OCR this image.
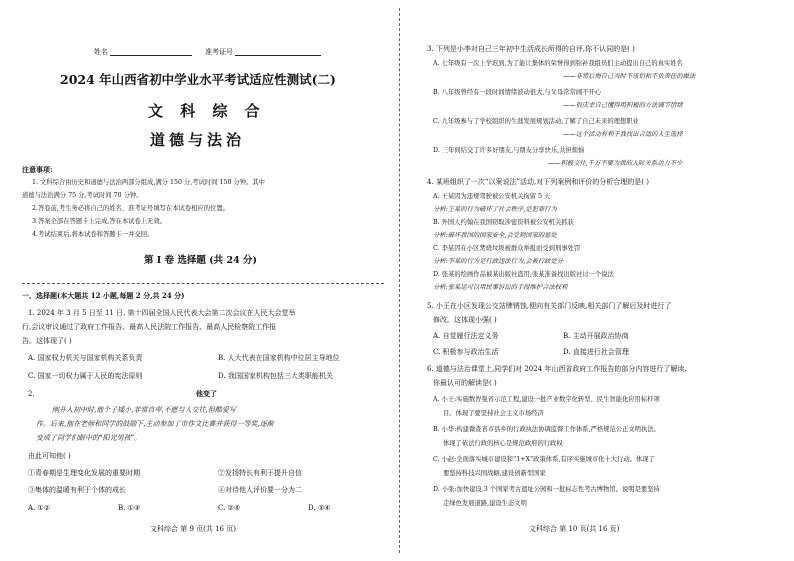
姓名	准考证号
2024 年山西省初中学业水平考试适应性测试(二)
文 科 综 合
道德与法治
注意事项:
1. 文科综合由历史和道德与法治两部分组成,满分 150 分,考试时间 150 分钟。其中
道德与法治满分 75 分,考试时间 70 分钟。
2.答卷前,考生务必将自己的姓名、准考证号填写在本试卷相应的位置。
3.答案全部在答题卡上完成,答在本试卷上无效。
4.考试结束后,将本试卷和答题卡一并交回。
第 I 卷 选择题 (共 24 分)
一、选择题(本大题共 12 小题,每题 2 分,共 24 分)
1. 2024 年 3 月 5 日至 11 日, 第十四届全国人民代表大会第二次会议在人民大会堂举
行,会议审议通过了政府工作报告、最高人民法院工作报告、最高人民检察院工作报
告。这体现了( )
A. 国家权力机关与国家机构关系负责	B. 人大代表在国家机构中位居主导地位
C. 国家一切权力属于人民的宪法原则	D. 我国国家机构包括三大类职能机关
2.	他变了
刚升入初中时,他个子矮小,非常自卑,不愿与人交往,但酷爱写
作。后来,他在老师和同学的鼓励下,主动参加了市作文比赛并获得一等奖,逐渐
变成了同学们眼中的“阳光男孩”。
由此可知他( )
①青春期是生理变化发展的重要时期	②发扬特长有利于提升自信
③集体的温暖有利于个体的成长	④对待他人评价要一分为二
A. ①②	B. ①③	C. ②④	D. ③④
文科综合 第 9 页(共 16 页)
3. 下列是小李对自己三年初中生活成长所得的自评,你不认同的是( )
A. 七年级有一次上学迟到,为了能让集体的荣誉得到弥补我组员们主动提出自己的真实姓名
——非常后悔自己当时不该怕和不负责任的做法
B. 八年级曾经有一段时间情绪波动很大,与父母常常闹不开心
——很庆幸自己懂得用积极的方法调节情绪
C. 九年级参与了学校组织的生涯发展规划活动,了解了自己未来的理想职业
——这个活动有利于我找出合适的人生选择
D. 三年间结交了许多好朋友,与朋友分享快乐,共担烦恼
——积极交往,千万不要为我的人际关系动力不少
4. 某班组织了一次“以案说法”活动,对下列案例和评价的分析合理的是( )
A. 王某因为违规驾驶被公安机关拘留 5 天
分析:王某的行为破坏了社会秩序,是犯罪行为
B. 外国人约翰在我国窃取涉密资料被公安机关抓获
分析:破坏我国的国家安全,会受到国家的惩处
C. 李某因在小区焚烧垃圾被群众举报而受到刑事处罚
分析:李某的行为是行政违法行为,会被行政处分
D. 张某的绘画作品被某出版社盗用,张某准备找出版社讨一个说法
分析:张某运可以用民事诉讼的手段维护合法权利
5. 小王在小区发现公交站牌锈蚀,便向有关部门反映,相关部门了解后及时进行了
修改。这体现小强( )
A. 自觉履行法定义务	B. 主动开展政治协商
C. 积极参与政治生活	D. 直接进行社会管理
6. 道德与法治课堂上,同学们对 2024 年山西省政府工作报告的部分内容进行了解读,
你最认可的解读是( )
A. 小王:实施数智强省示范工程,建设一批产业数字化转型、民生智能化应用标杆项
目。体现了要坚持社会主义市场经济
B. 小华:构建微查省市县乡的行政执法协调监督工作体系,严格规范公正文明执法。
体现了依法行政的核心是规范政府的行政权
C. 小赵:全面落实城市建设和“1+X”政策体系,有序实施城市化十大行动。体现了
要坚持科技兴国战略,建设创新型国家
D. 小张:加快建设 3 个国家考古遗址公园和一批标志性考古博物馆。说明是要坚持
走绿色发展道路,建设生态文明
文科综合 第 10 页(共 16 页)
